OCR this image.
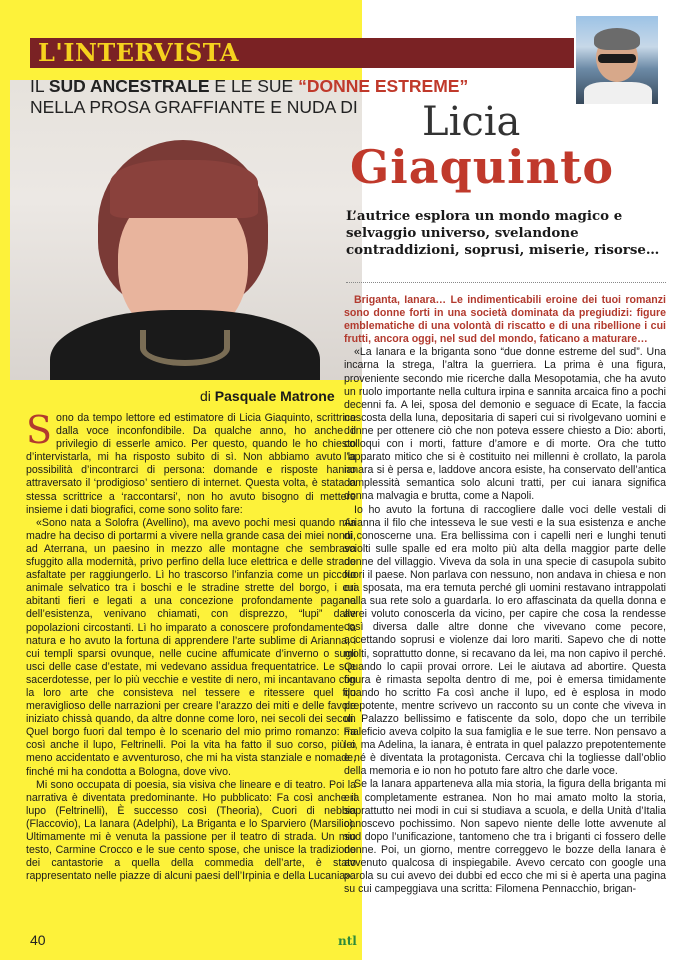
L'INTERVISTA
IL SUD ANCESTRALE E LE SUE “DONNE ESTREME”
NELLA PROSA GRAFFIANTE E NUDA DI	Licia
Giaquinto
L’autrice esplora un mondo magico e selvaggio universo, svelandone contraddizioni, soprusi, miserie, risorse…
di Pasquale Matrone

Sono da tempo lettore ed estimatore di Licia Giaquinto, scrittrice dalla voce inconfondibile. Da qualche anno, ho anche il privilegio di esserle amico. Per questo, quando le ho chiesto d’intervistarla, mi ha risposto subito di sì. Non abbiamo avuto la possibilità d’incontrarci di persona: domande e risposte hanno attraversato il ‘prodigioso’ sentiero di internet. Questa volta, è stata la stessa scrittrice a ‘raccontarsi’, non ho avuto bisogno di mettere insieme i dati biografici, come sono solito fare:

«Sono nata a Solofra (Avellino), ma avevo pochi mesi quando mia madre ha deciso di portarmi a vivere nella grande casa dei miei nonni, ad Aterrana, un paesino in mezzo alle montagne che sembrava sfuggito alla modernità, privo perfino della luce elettrica e delle strade asfaltate per raggiungerlo. Lì ho trascorso l’infanzia come un piccolo animale selvatico tra i boschi e le stradine strette del borgo, i cui abitanti fieri e legati a una concezione profondamente pagana dell’esistenza, venivano chiamati, con disprezzo, “lupi” dalle popolazioni circostanti. Lì ho imparato a conoscere profondamente la natura e ho avuto la fortuna di apprendere l’arte sublime di Arianna, i cui templi sparsi ovunque, nelle cucine affumicate d’inverno o sugli usci delle case d’estate, mi vedevano assidua frequentatrice. Le sue sacerdotesse, per lo più vecchie e vestite di nero, mi incantavano con la loro arte che consisteva nel tessere e ritessere quel filo meraviglioso delle narrazioni per creare l’arazzo dei miti e delle favole iniziato chissà quando, da altre donne come loro, nei secoli dei secoli. Quel borgo fuori dal tempo è lo scenario del mio primo romanzo: Fa così anche il lupo, Feltrinelli. Poi la vita ha fatto il suo corso, più o meno accidentato e avventuroso, che mi ha vista stanziale e nomade, finché mi ha condotta a Bologna, dove vivo.

Mi sono occupata di poesia, sia visiva che lineare e di teatro. Poi la narrativa è diventata predominante. Ho pubblicato: Fa così anche il lupo (Feltrinelli), È successo così (Theoria), Cuori di nebbia (Flaccovio), La Ianara (Adelphi), La Briganta e lo Sparviero (Marsilio). Ultimamente mi è venuta la passione per il teatro di strada. Un mio testo, Carmine Crocco e le sue cento spose, che unisce la tradizione dei cantastorie a quella della commedia dell’arte, è stato rappresentato nelle piazze di alcuni paesi dell’Irpinia e della Lucania».

Briganta, Ianara… Le indimenticabili eroine dei tuoi romanzi sono donne forti in una società dominata da pregiudizi: figure emblematiche di una volontà di riscatto e di una ribellione i cui frutti, ancora oggi, nel sud del mondo, faticano a maturare…

«La Ianara e la briganta sono “due donne estreme del sud”. Una incarna la strega, l’altra la guerriera. La prima è una figura, proveniente secondo mie ricerche dalla Mesopotamia, che ha avuto un ruolo importante nella cultura irpina e sannita arcaica fino a pochi decenni fa. A lei, sposa del demonio e seguace di Ecate, la faccia nascosta della luna, depositaria di saperi cui si rivolgevano uomini e donne per ottenere ciò che non poteva essere chiesto a Dio: aborti, colloqui con i morti, fatture d’amore e di morte. Ora che tutto l’apparato mitico che si è costituito nei millenni è crollato, la parola ianara si è persa e, laddove ancora esiste, ha conservato dell’antica complessità semantica solo alcuni tratti, per cui ianara significa donna malvagia e brutta, come a Napoli.

Io ho avuto la fortuna di raccogliere dalle voci delle vestali di Arianna il filo che intesseva le sue vesti e la sua esistenza e anche di conoscerne una. Era bellissima con i capelli neri e lunghi tenuti sciolti sulle spalle ed era molto più alta della maggior parte delle donne del villaggio. Viveva da sola in una specie di casupola subito fuori il paese. Non parlava con nessuno, non andava in chiesa e non era sposata, ma era temuta perché gli uomini restavano intrappolati nella sua rete solo a guardarla. Io ero affascinata da quella donna e avrei voluto conoscerla da vicino, per capire che cosa la rendesse così diversa dalle altre donne che vivevano come pecore, accettando soprusi e violenze dai loro mariti. Sapevo che di notte molti, soprattutto donne, si recavano da lei, ma non capivo il perché. Quando lo capii provai orrore. Lei le aiutava ad abortire. Questa figura è rimasta sepolta dentro di me, poi è emersa timidamente quando ho scritto Fa così anche il lupo, ed è esplosa in modo prepotente, mentre scrivevo un racconto su un conte che viveva in un Palazzo bellissimo e fatiscente da solo, dopo che un terribile maleficio aveva colpito la sua famiglia e le sue terre. Non pensavo a lei, ma Adelina, la ianara, è entrata in quel palazzo prepotentemente e né è diventata la protagonista. Cercava chi la togliesse dall’oblio della memoria e io non ho potuto fare altro che darle voce.

Se la Ianara apparteneva alla mia storia, la figura della briganta mi era completamente estranea. Non ho mai amato molto la storia, soprattutto nei modi in cui si studiava a scuola, e della Unità d’Italia conoscevo pochissimo. Non sapevo niente delle lotte avvenute al sud dopo l’unificazione, tantomeno che tra i briganti ci fossero delle donne. Poi, un giorno, mentre correggevo le bozze della Ianara è avvenuto qualcosa di inspiegabile. Avevo cercato con google una parola su cui avevo dei dubbi ed ecco che mi si è aperta una pagina su cui campeggiava una scritta: Filomena Pennacchio, brigan-

40	ntl
